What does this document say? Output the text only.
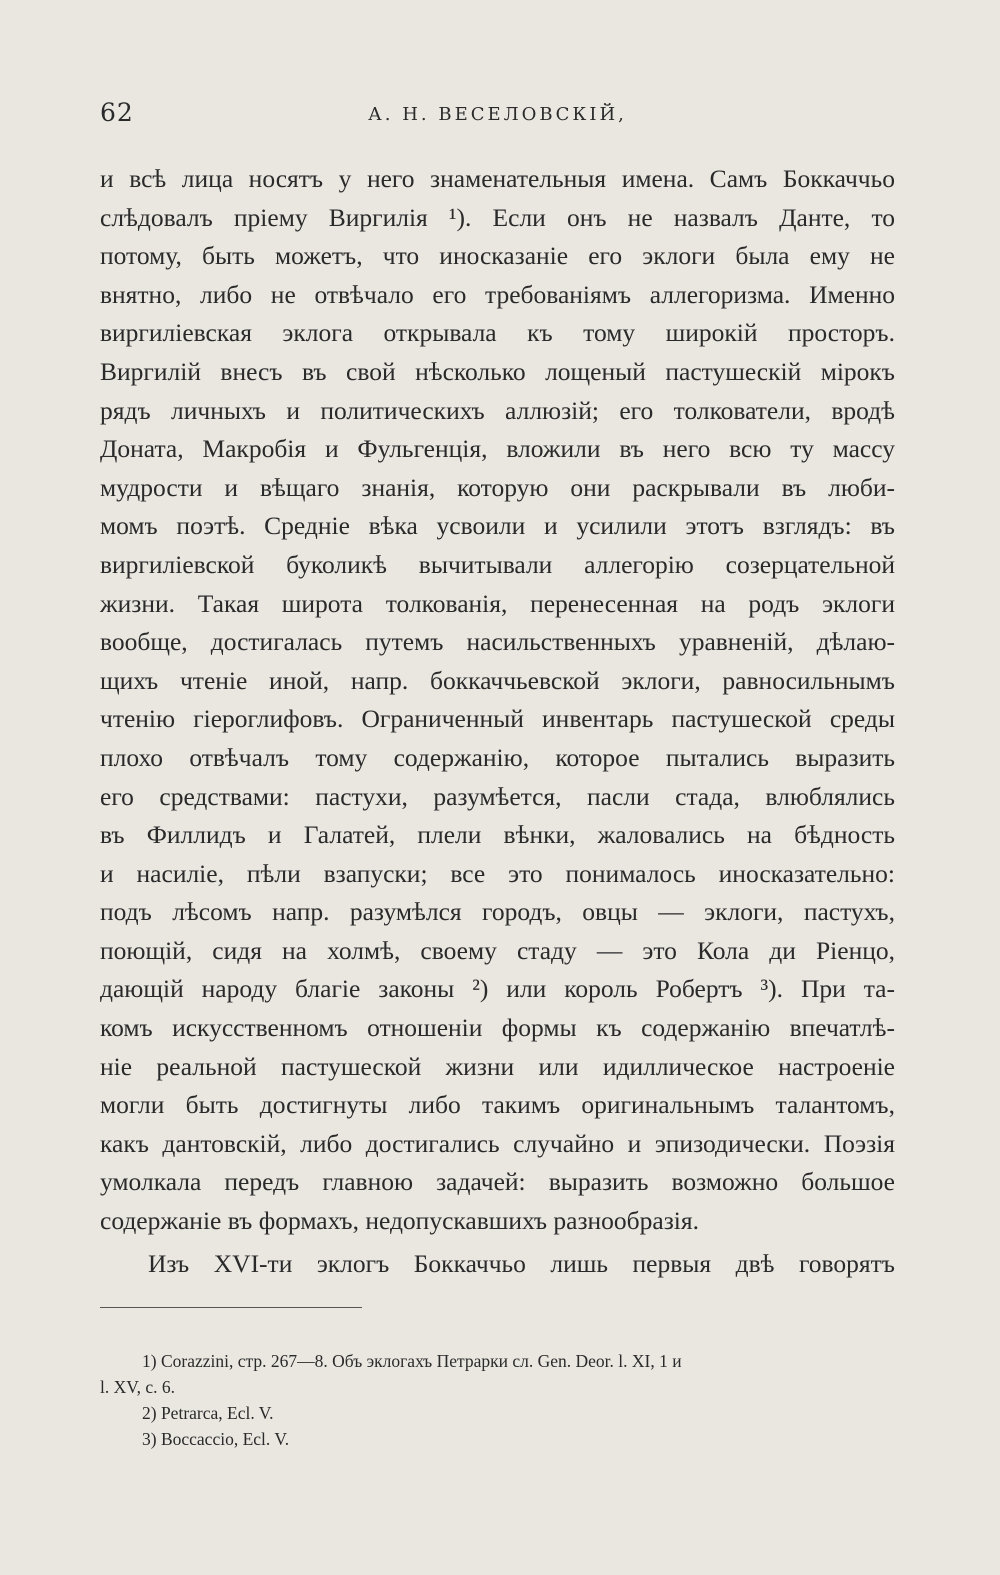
62	А. Н. ВЕСЕЛОВСКІЙ,
и всѣ лица носятъ у него знаменательныя имена. Самъ Боккаччьо
слѣдовалъ пріему Виргилія ¹). Если онъ не назвалъ Данте, то
потому, быть можетъ, что иносказаніе его эклоги была ему не
внятно, либо не отвѣчало его требованіямъ аллегоризма. Именно
виргиліевская эклога открывала къ тому широкій просторъ.
Виргилій внесъ въ свой нѣсколько лощеный пастушескій мірокъ
рядъ личныхъ и политическихъ аллюзій; его толкователи, вродѣ
Доната, Макробія и Фульгенція, вложили въ него всю ту массу
мудрости и вѣщаго знанія, которую они раскрывали въ люби-
момъ поэтѣ. Средніе вѣка усвоили и усилили этотъ взглядъ: въ
виргиліевской буколикѣ вычитывали аллегорію созерцательной
жизни. Такая широта толкованія, перенесенная на родъ эклоги
вообще, достигалась путемъ насильственныхъ уравненій, дѣлаю-
щихъ чтеніе иной, напр. боккаччьевской эклоги, равносильнымъ
чтенію гіероглифовъ. Ограниченный инвентарь пастушеской среды
плохо отвѣчалъ тому содержанію, которое пытались выразить
его средствами: пастухи, разумѣется, пасли стада, влюблялись
въ Филлидъ и Галатей, плели вѣнки, жаловались на бѣдность
и насиліе, пѣли взапуски; все это понималось иносказательно:
подъ лѣсомъ напр. разумѣлся городъ, овцы — эклоги, пастухъ,
поющій, сидя на холмѣ, своему стаду — это Кола ди Ріенцо,
дающій народу благіе законы ²) или король Робертъ ³). При та-
комъ искусственномъ отношеніи формы къ содержанію впечатлѣ-
ніе реальной пастушеской жизни или идиллическое настроеніе
могли быть достигнуты либо такимъ оригинальнымъ талантомъ,
какъ дантовскій, либо достигались случайно и эпизодически. Поэзія
умолкала передъ главною задачей: выразить возможно большое
содержаніе въ формахъ, недопускавшихъ разнообразія.
Изъ XVI-ти эклогъ Боккаччьо лишь первыя двѣ говорятъ
1) Corazzini, стр. 267—8. Объ эклогахъ Петрарки сл. Gen. Deor. l. XI, 1 и
l. XV, c. 6.
2) Petrarca, Ecl. V.
3) Boccaccio, Ecl. V.
